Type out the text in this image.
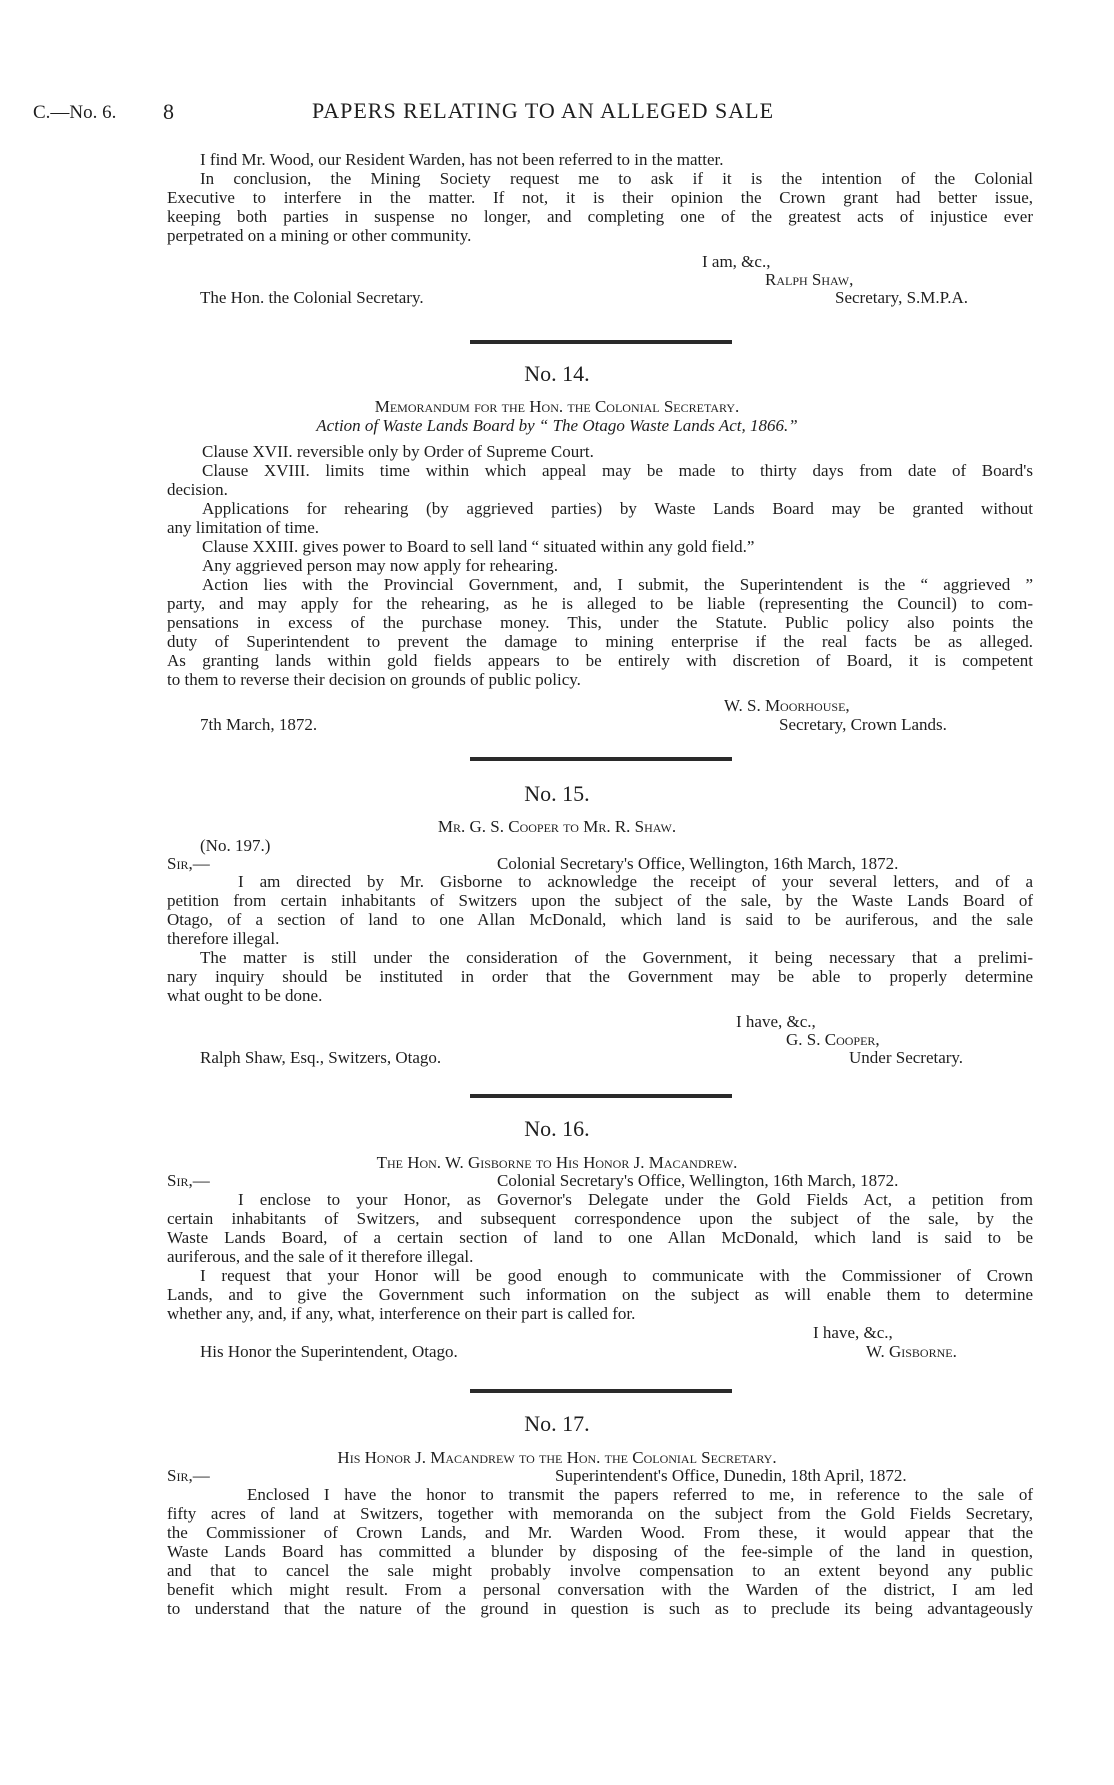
C.—No. 6. 8	PAPERS RELATING TO AN ALLEGED SALE
I find Mr. Wood, our Resident Warden, has not been referred to in the matter.
In conclusion, the Mining Society request me to ask if it is the intention of the Colonial
Executive to interfere in the matter. If not, it is their opinion the Crown grant had better issue,
keeping both parties in suspense no longer, and completing one of the greatest acts of injustice ever
perpetrated on a mining or other community.
I am, &c.,
Ralph Shaw,
The Hon. the Colonial Secretary.	Secretary, S.M.P.A.
No. 14.
Memorandum for the Hon. the Colonial Secretary.
Action of Waste Lands Board by “ The Otago Waste Lands Act, 1866.”
Clause XVII. reversible only by Order of Supreme Court.
Clause XVIII. limits time within which appeal may be made to thirty days from date of Board's
decision.
Applications for rehearing (by aggrieved parties) by Waste Lands Board may be granted without
any limitation of time.
Clause XXIII. gives power to Board to sell land “ situated within any gold field.”
Any aggrieved person may now apply for rehearing.
Action lies with the Provincial Government, and, I submit, the Superintendent is the “ aggrieved ”
party, and may apply for the rehearing, as he is alleged to be liable (representing the Council) to com-
pensations in excess of the purchase money. This, under the Statute. Public policy also points the
duty of Superintendent to prevent the damage to mining enterprise if the real facts be as alleged.
As granting lands within gold fields appears to be entirely with discretion of Board, it is competent
to them to reverse their decision on grounds of public policy.
W. S. Moorhouse,
7th March, 1872.	Secretary, Crown Lands.
No. 15.
Mr. G. S. Cooper to Mr. R. Shaw.
(No. 197.)
Sir,—	Colonial Secretary's Office, Wellington, 16th March, 1872.
I am directed by Mr. Gisborne to acknowledge the receipt of your several letters, and of a
petition from certain inhabitants of Switzers upon the subject of the sale, by the Waste Lands Board of
Otago, of a section of land to one Allan McDonald, which land is said to be auriferous, and the sale
therefore illegal.
The matter is still under the consideration of the Government, it being necessary that a prelimi-
nary inquiry should be instituted in order that the Government may be able to properly determine
what ought to be done.
I have, &c.,
G. S. Cooper,
Ralph Shaw, Esq., Switzers, Otago.	Under Secretary.
No. 16.
The Hon. W. Gisborne to His Honor J. Macandrew.
Sir,—	Colonial Secretary's Office, Wellington, 16th March, 1872.
I enclose to your Honor, as Governor's Delegate under the Gold Fields Act, a petition from
certain inhabitants of Switzers, and subsequent correspondence upon the subject of the sale, by the
Waste Lands Board, of a certain section of land to one Allan McDonald, which land is said to be
auriferous, and the sale of it therefore illegal.
I request that your Honor will be good enough to communicate with the Commissioner of Crown
Lands, and to give the Government such information on the subject as will enable them to determine
whether any, and, if any, what, interference on their part is called for.
I have, &c.,
His Honor the Superintendent, Otago.	W. Gisborne.
No. 17.
His Honor J. Macandrew to the Hon. the Colonial Secretary.
Sir,—	Superintendent's Office, Dunedin, 18th April, 1872.
Enclosed I have the honor to transmit the papers referred to me, in reference to the sale of
fifty acres of land at Switzers, together with memoranda on the subject from the Gold Fields Secretary,
the Commissioner of Crown Lands, and Mr. Warden Wood. From these, it would appear that the
Waste Lands Board has committed a blunder by disposing of the fee-simple of the land in question,
and that to cancel the sale might probably involve compensation to an extent beyond any public
benefit which might result. From a personal conversation with the Warden of the district, I am led
to understand that the nature of the ground in question is such as to preclude its being advantageously
